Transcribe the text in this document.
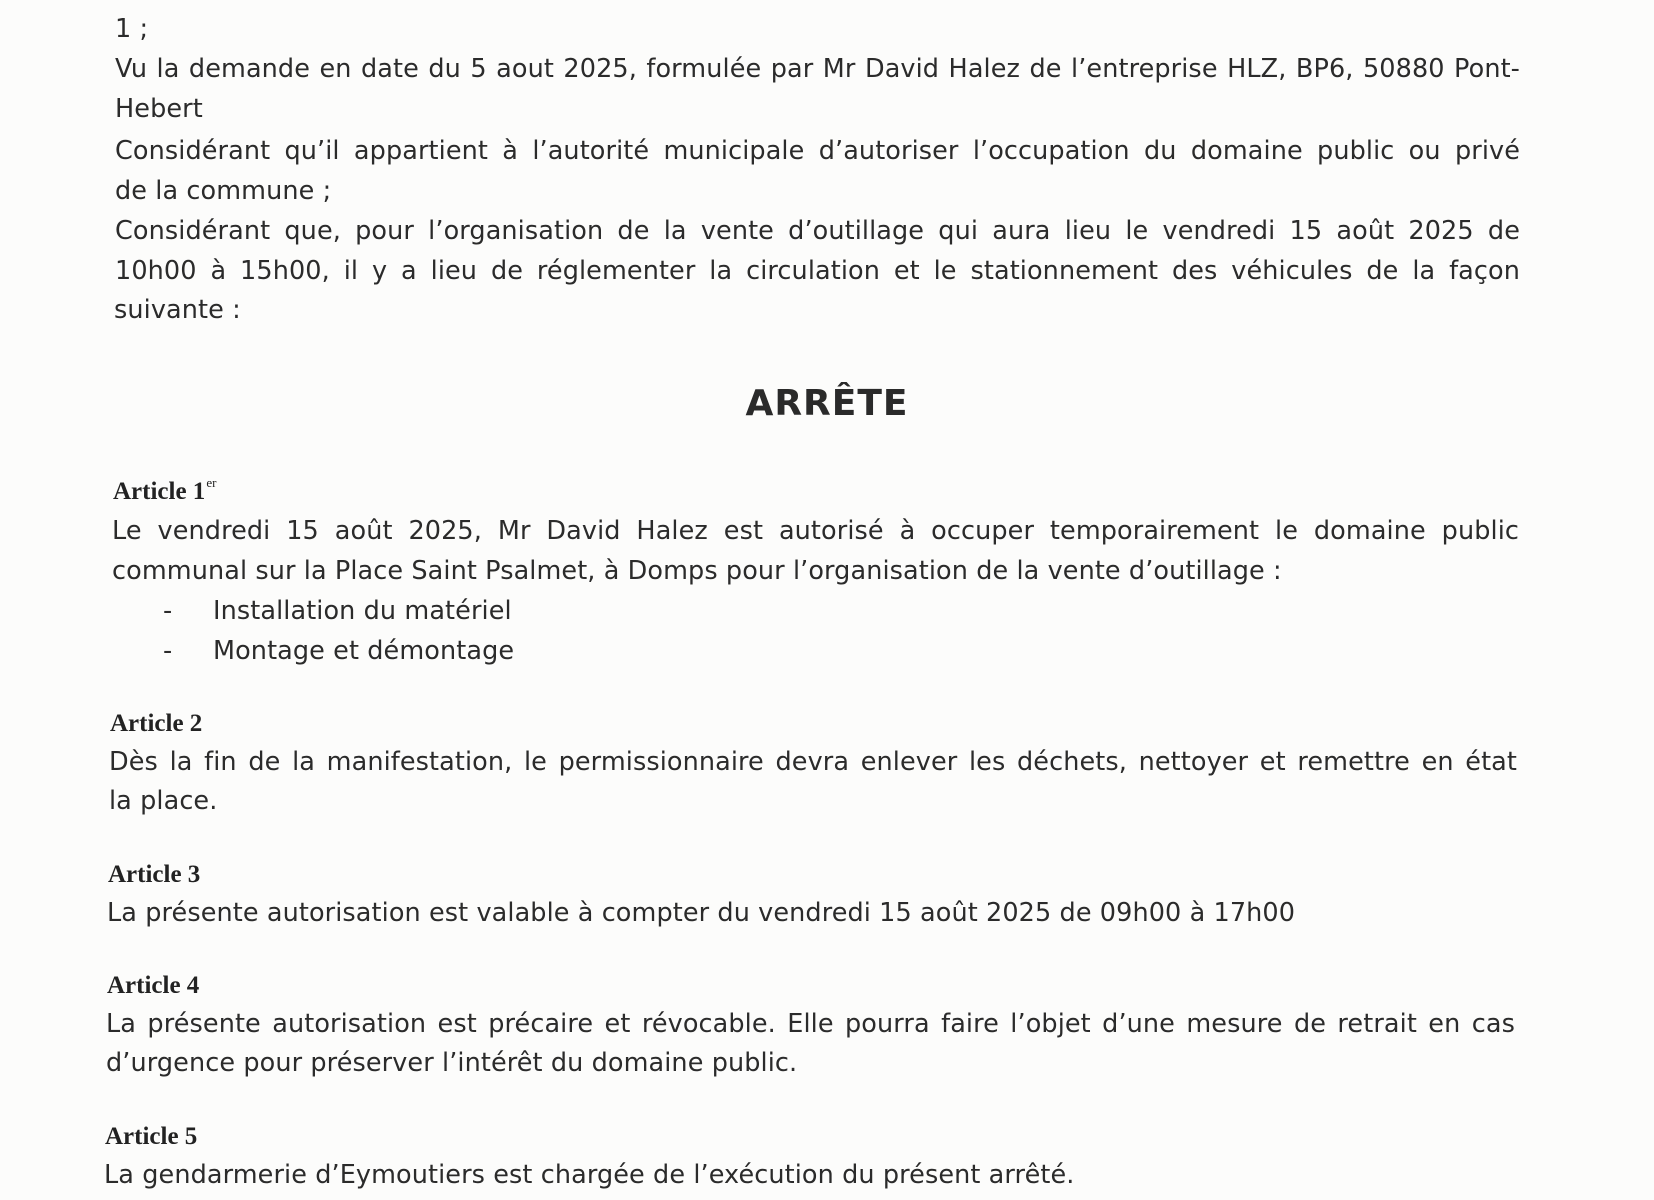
1 ;
Vu la demande en date du 5 aout 2025, formulée par Mr David Halez de l’entreprise HLZ, BP6, 50880 Pont-
Hebert
Considérant qu’il appartient à l’autorité municipale d’autoriser l’occupation du domaine public ou privé
de la commune ;
Considérant que, pour l’organisation de la vente d’outillage qui aura lieu le vendredi 15 août 2025 de
10h00 à 15h00, il y a lieu de réglementer la circulation et le stationnement des véhicules de la façon
suivante :
ARRÊTE
Article 1er
Le vendredi 15 août 2025, Mr David Halez est autorisé à occuper temporairement le domaine public
communal sur la Place Saint Psalmet, à Domps pour l’organisation de la vente d’outillage :
- Installation du matériel
- Montage et démontage
Article 2
Dès la fin de la manifestation, le permissionnaire devra enlever les déchets, nettoyer et remettre en état
la place.
Article 3
La présente autorisation est valable à compter du vendredi 15 août 2025 de 09h00 à 17h00
Article 4
La présente autorisation est précaire et révocable. Elle pourra faire l’objet d’une mesure de retrait en cas
d’urgence pour préserver l’intérêt du domaine public.
Article 5
La gendarmerie d’Eymoutiers est chargée de l’exécution du présent arrêté.
